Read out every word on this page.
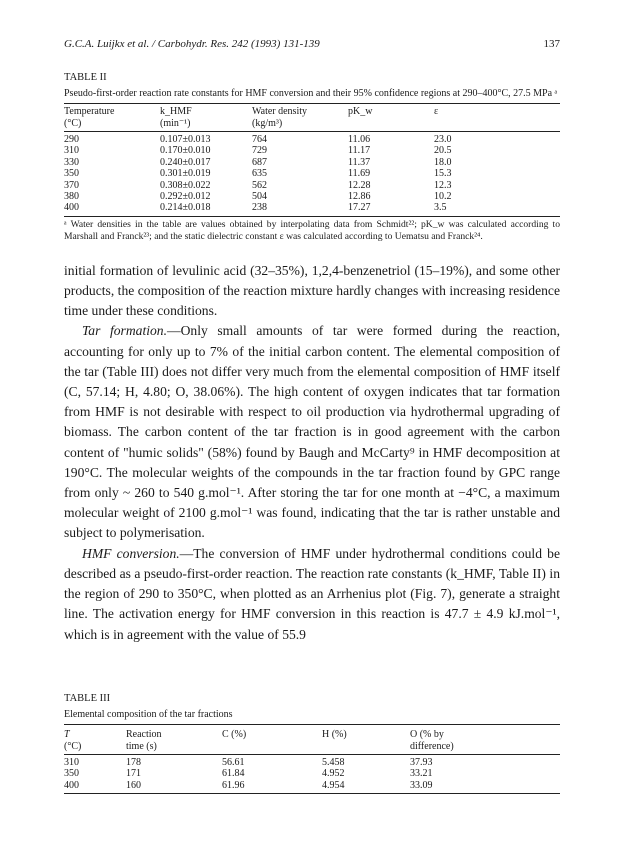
G.C.A. Luijkx et al. / Carbohydr. Res. 242 (1993) 131-139	137
TABLE II
Pseudo-first-order reaction rate constants for HMF conversion and their 95% confidence regions at 290–400°C, 27.5 MPa ᵃ
Temperature	k_HMF	Water density	pK_w	ε
(°C)	(min⁻¹)	(kg/m³)		
290	0.107±0.013	764	11.06	23.0
310	0.170±0.010	729	11.17	20.5
330	0.240±0.017	687	11.37	18.0
350	0.301±0.019	635	11.69	15.3
370	0.308±0.022	562	12.28	12.3
380	0.292±0.012	504	12.86	10.2
400	0.214±0.018	238	17.27	3.5
ᵃ Water densities in the table are values obtained by interpolating data from Schmidt²²; pK_w was calculated according to Marshall and Franck²³; and the static dielectric constant ε was calculated according to Uematsu and Franck²⁴.

initial formation of levulinic acid (32–35%), 1,2,4-benzenetriol (15–19%), and some other products, the composition of the reaction mixture hardly changes with increasing residence time under these conditions.

Tar formation.—Only small amounts of tar were formed during the reaction, accounting for only up to 7% of the initial carbon content. The elemental composition of the tar (Table III) does not differ very much from the elemental composition of HMF itself (C, 57.14; H, 4.80; O, 38.06%). The high content of oxygen indicates that tar formation from HMF is not desirable with respect to oil production via hydrothermal upgrading of biomass. The carbon content of the tar fraction is in good agreement with the carbon content of "humic solids" (58%) found by Baugh and McCarty⁹ in HMF decomposition at 190°C. The molecular weights of the compounds in the tar fraction found by GPC range from only ~ 260 to 540 g.mol⁻¹. After storing the tar for one month at −4°C, a maximum molecular weight of 2100 g.mol⁻¹ was found, indicating that the tar is rather unstable and subject to polymerisation.

HMF conversion.—The conversion of HMF under hydrothermal conditions could be described as a pseudo-first-order reaction. The reaction rate constants (k_HMF, Table II) in the region of 290 to 350°C, when plotted as an Arrhenius plot (Fig. 7), generate a straight line. The activation energy for HMF conversion in this reaction is 47.7 ± 4.9 kJ.mol⁻¹, which is in agreement with the value of 55.9

TABLE III
Elemental composition of the tar fractions
T	Reaction	C (%)	H (%)	O (% by
(°C)	time (s)			difference)
310	178	56.61	5.458	37.93
350	171	61.84	4.952	33.21
400	160	61.96	4.954	33.09
